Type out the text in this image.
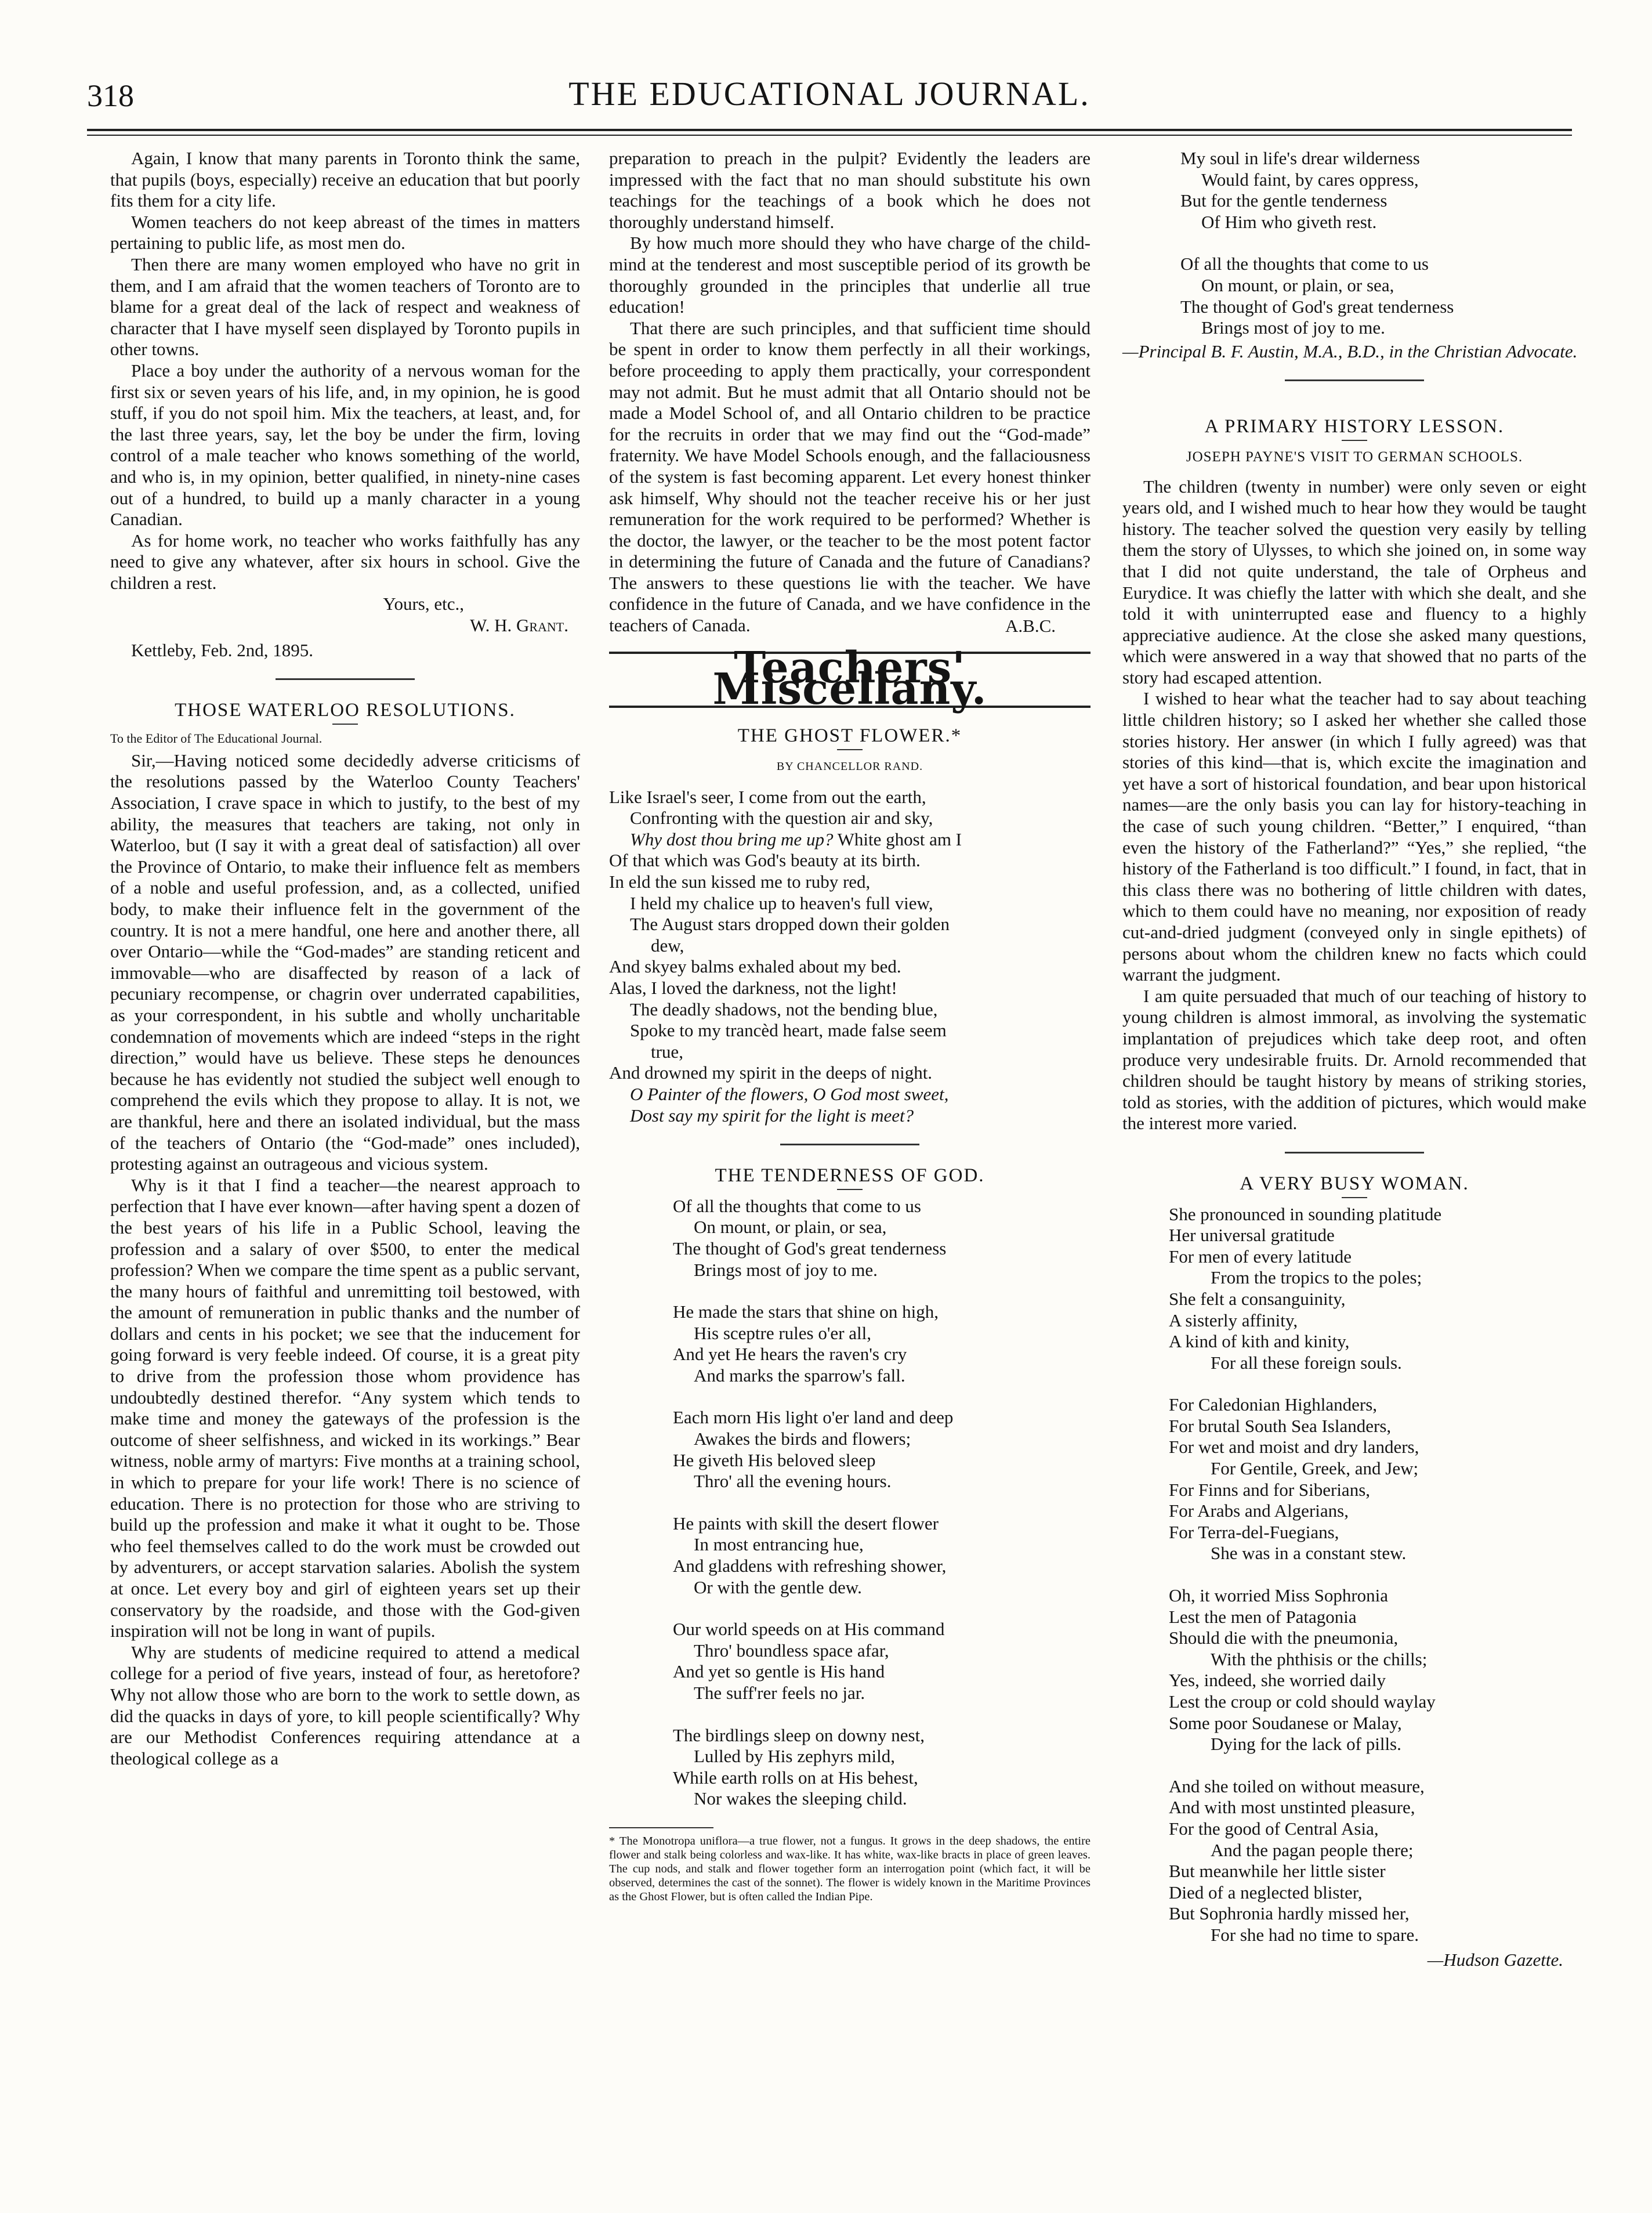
318	THE EDUCATIONAL JOURNAL.

Again, I know that many parents in Toronto think the same, that pupils (boys, especially) receive an education that but poorly fits them for a city life.

Women teachers do not keep abreast of the times in matters pertaining to public life, as most men do.

Then there are many women employed who have no grit in them, and I am afraid that the women teachers of Toronto are to blame for a great deal of the lack of respect and weakness of character that I have myself seen displayed by Toronto pupils in other towns.

Place a boy under the authority of a nervous woman for the first six or seven years of his life, and, in my opinion, he is good stuff, if you do not spoil him. Mix the teachers, at least, and, for the last three years, say, let the boy be under the firm, loving control of a male teacher who knows something of the world, and who is, in my opinion, better qualified, in ninety-nine cases out of a hundred, to build up a manly character in a young Canadian.

As for home work, no teacher who works faithfully has any need to give any whatever, after six hours in school. Give the children a rest.

Yours, etc.,

W. H. Grant.

Kettleby, Feb. 2nd, 1895.

THOSE WATERLOO RESOLUTIONS.

To the Editor of The Educational Journal.

Sir,—Having noticed some decidedly adverse criticisms of the resolutions passed by the Waterloo County Teachers' Association, I crave space in which to justify, to the best of my ability, the measures that teachers are taking, not only in Waterloo, but (I say it with a great deal of satisfaction) all over the Province of Ontario, to make their influence felt as members of a noble and useful profession, and, as a collected, unified body, to make their influence felt in the government of the country. It is not a mere handful, one here and another there, all over Ontario—while the “God-mades” are standing reticent and immovable—who are disaffected by reason of a lack of pecuniary recompense, or chagrin over underrated capabilities, as your correspondent, in his subtle and wholly uncharitable condemnation of movements which are indeed “steps in the right direction,” would have us believe. These steps he denounces because he has evidently not studied the subject well enough to comprehend the evils which they propose to allay. It is not, we are thankful, here and there an isolated individual, but the mass of the teachers of Ontario (the “God-made” ones included), protesting against an outrageous and vicious system.

Why is it that I find a teacher—the nearest approach to perfection that I have ever known—after having spent a dozen of the best years of his life in a Public School, leaving the profession and a salary of over $500, to enter the medical profession? When we compare the time spent as a public servant, the many hours of faithful and unremitting toil bestowed, with the amount of remuneration in public thanks and the number of dollars and cents in his pocket; we see that the inducement for going forward is very feeble indeed. Of course, it is a great pity to drive from the profession those whom providence has undoubtedly destined therefor. “Any system which tends to make time and money the gateways of the profession is the outcome of sheer selfishness, and wicked in its workings.” Bear witness, noble army of martyrs: Five months at a training school, in which to prepare for your life work! There is no science of education. There is no protection for those who are striving to build up the profession and make it what it ought to be. Those who feel themselves called to do the work must be crowded out by adventurers, or accept starvation salaries. Abolish the system at once. Let every boy and girl of eighteen years set up their conservatory by the roadside, and those with the God-given inspiration will not be long in want of pupils.

Why are students of medicine required to attend a medical college for a period of five years, instead of four, as heretofore? Why not allow those who are born to the work to settle down, as did the quacks in days of yore, to kill people scientifically? Why are our Methodist Conferences requiring attendance at a theological college as a

preparation to preach in the pulpit? Evidently the leaders are impressed with the fact that no man should substitute his own teachings for the teachings of a book which he does not thoroughly understand himself.

By how much more should they who have charge of the child-mind at the tenderest and most susceptible period of its growth be thoroughly grounded in the principles that underlie all true education!

That there are such principles, and that sufficient time should be spent in order to know them perfectly in all their workings, before proceeding to apply them practically, your correspondent may not admit. But he must admit that all Ontario should not be made a Model School of, and all Ontario children to be practice for the recruits in order that we may find out the “God-made” fraternity. We have Model Schools enough, and the fallaciousness of the system is fast becoming apparent. Let every honest thinker ask himself, Why should not the teacher receive his or her just remuneration for the work required to be performed? Whether is the doctor, the lawyer, or the teacher to be the most potent factor in determining the future of Canada and the future of Canadians? The answers to these questions lie with the teacher. We have confidence in the future of Canada, and we have confidence in the teachers of Canada.	A.B.C.

Teachers' Miscellany.

THE GHOST FLOWER.*

BY CHANCELLOR RAND.

Like Israel's seer, I come from out the earth,
Confronting with the question air and sky,
Why dost thou bring me up? White ghost am I
Of that which was God's beauty at its birth.
In eld the sun kissed me to ruby red,
I held my chalice up to heaven's full view,
The August stars dropped down their golden
dew,
And skyey balms exhaled about my bed.
Alas, I loved the darkness, not the light!
The deadly shadows, not the bending blue,
Spoke to my trancèd heart, made false seem
true,
And drowned my spirit in the deeps of night.
O Painter of the flowers, O God most sweet,
Dost say my spirit for the light is meet?

THE TENDERNESS OF GOD.

Of all the thoughts that come to us
On mount, or plain, or sea,
The thought of God's great tenderness
Brings most of joy to me.
He made the stars that shine on high,
His sceptre rules o'er all,
And yet He hears the raven's cry
And marks the sparrow's fall.
Each morn His light o'er land and deep
Awakes the birds and flowers;
He giveth His beloved sleep
Thro' all the evening hours.
He paints with skill the desert flower
In most entrancing hue,
And gladdens with refreshing shower,
Or with the gentle dew.
Our world speeds on at His command
Thro' boundless space afar,
And yet so gentle is His hand
The suff'rer feels no jar.
The birdlings sleep on downy nest,
Lulled by His zephyrs mild,
While earth rolls on at His behest,
Nor wakes the sleeping child.

* The Monotropa uniflora—a true flower, not a fungus. It grows in the deep shadows, the entire flower and stalk being colorless and wax-like. It has white, wax-like bracts in place of green leaves. The cup nods, and stalk and flower together form an interrogation point (which fact, it will be observed, determines the cast of the sonnet). The flower is widely known in the Maritime Provinces as the Ghost Flower, but is often called the Indian Pipe.

My soul in life's drear wilderness
Would faint, by cares oppress,
But for the gentle tenderness
Of Him who giveth rest.
Of all the thoughts that come to us
On mount, or plain, or sea,
The thought of God's great tenderness
Brings most of joy to me.

—Principal B. F. Austin, M.A., B.D., in the Christian Advocate.

A PRIMARY HISTORY LESSON.

JOSEPH PAYNE'S VISIT TO GERMAN SCHOOLS.

The children (twenty in number) were only seven or eight years old, and I wished much to hear how they would be taught history. The teacher solved the question very easily by telling them the story of Ulysses, to which she joined on, in some way that I did not quite understand, the tale of Orpheus and Eurydice. It was chiefly the latter with which she dealt, and she told it with uninterrupted ease and fluency to a highly appreciative audience. At the close she asked many questions, which were answered in a way that showed that no parts of the story had escaped attention.

I wished to hear what the teacher had to say about teaching little children history; so I asked her whether she called those stories history. Her answer (in which I fully agreed) was that stories of this kind—that is, which excite the imagination and yet have a sort of historical foundation, and bear upon historical names—are the only basis you can lay for history-teaching in the case of such young children. “Better,” I enquired, “than even the history of the Fatherland?” “Yes,” she replied, “the history of the Fatherland is too difficult.” I found, in fact, that in this class there was no bothering of little children with dates, which to them could have no meaning, nor exposition of ready cut-and-dried judgment (conveyed only in single epithets) of persons about whom the children knew no facts which could warrant the judgment.

I am quite persuaded that much of our teaching of history to young children is almost immoral, as involving the systematic implantation of prejudices which take deep root, and often produce very undesirable fruits. Dr. Arnold recommended that children should be taught history by means of striking stories, told as stories, with the addition of pictures, which would make the interest more varied.

A VERY BUSY WOMAN.

She pronounced in sounding platitude
Her universal gratitude
For men of every latitude
From the tropics to the poles;
She felt a consanguinity,
A sisterly affinity,
A kind of kith and kinity,
For all these foreign souls.
For Caledonian Highlanders,
For brutal South Sea Islanders,
For wet and moist and dry landers,
For Gentile, Greek, and Jew;
For Finns and for Siberians,
For Arabs and Algerians,
For Terra-del-Fuegians,
She was in a constant stew.
Oh, it worried Miss Sophronia
Lest the men of Patagonia
Should die with the pneumonia,
With the phthisis or the chills;
Yes, indeed, she worried daily
Lest the croup or cold should waylay
Some poor Soudanese or Malay,
Dying for the lack of pills.
And she toiled on without measure,
And with most unstinted pleasure,
For the good of Central Asia,
And the pagan people there;
But meanwhile her little sister
Died of a neglected blister,
But Sophronia hardly missed her,
For she had no time to spare.

—Hudson Gazette.
